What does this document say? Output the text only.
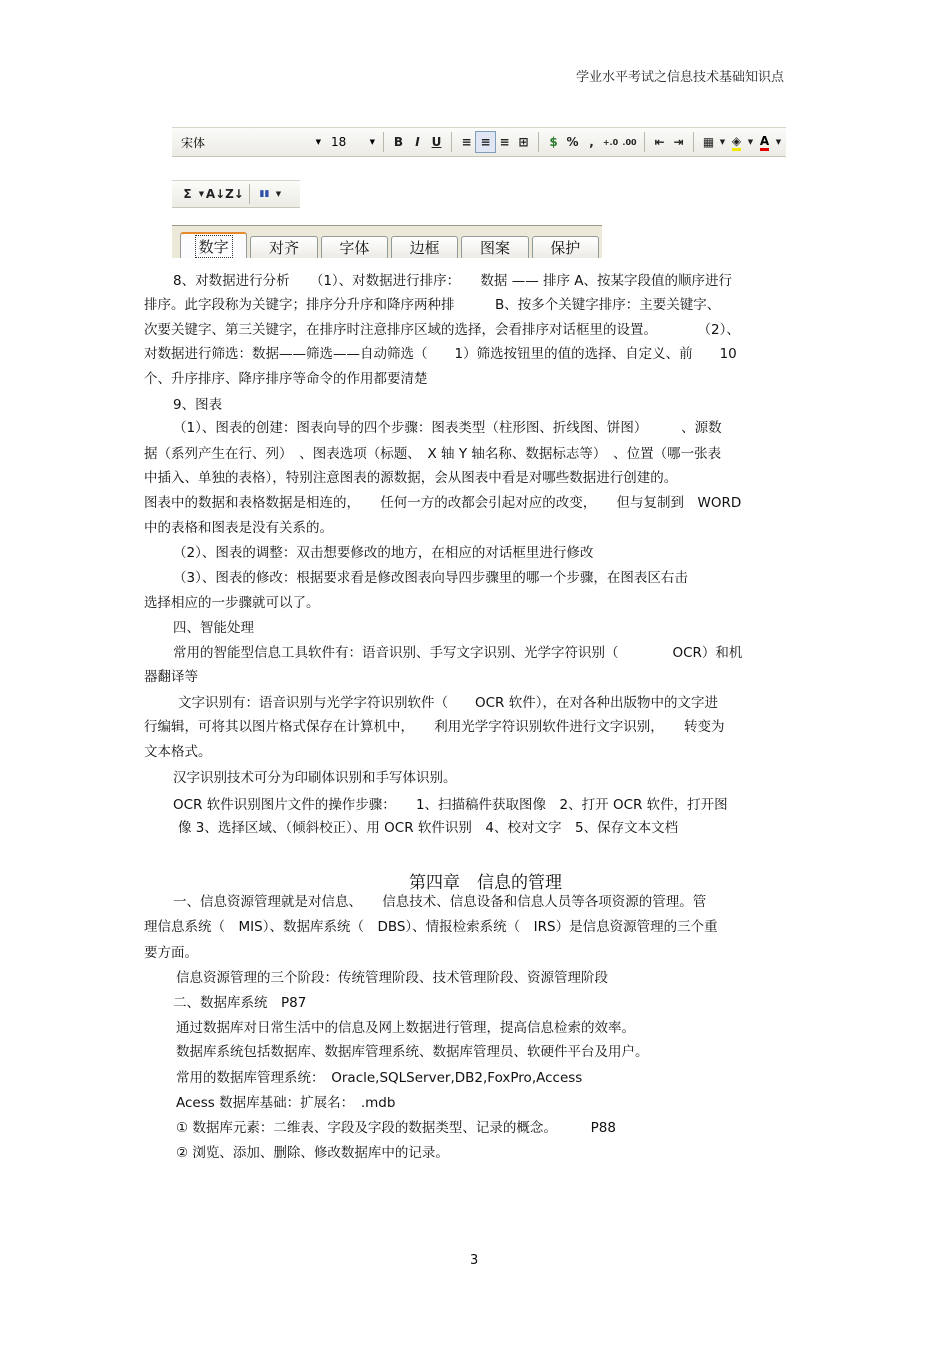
学业水平考试之信息技术基础知识点
宋体	▼ 18	▼ B I U ≡ ≡ ≡ ⊞ $ % , +.0 .00 ⇤ ⇥ ▦ ▼ ◈ ▼ A ▼
Σ ▼ A↓ Z↓ ▮▮ ▼
数字	对齐	字体	边框	图案	保护
第四章　信息的管理
8、对数据进行分析　　（1）、对数据进行排序：　　数据 —— 排序 A、按某字段值的顺序进行
排序。此字段称为关键字；排序分升序和降序两种排　　　B、按多个关键字排序：主要关键字、
次要关键字、第三关键字，在排序时注意排序区域的选择，会看排序对话框里的设置。　　　　（2）、
对数据进行筛选：数据——筛选——自动筛选（　　1）筛选按钮里的值的选择、自定义、前　　10
个、升序排序、降序排序等命令的作用都要清楚
9、图表
（1）、图表的创建：图表向导的四个步骤：图表类型（柱形图、折线图、饼图）　　　、源数
据（系列产生在行、列）　、图表选项（标题、　X 轴 Y 轴名称、数据标志等）　、位置（哪一张表
中插入、单独的表格），特别注意图表的源数据，会从图表中看是对哪些数据进行创建的。
图表中的数据和表格数据是相连的，　　任何一方的改都会引起对应的改变，　　但与复制到　WORD
中的表格和图表是没有关系的。
（2）、图表的调整：双击想要修改的地方，在相应的对话框里进行修改
（3）、图表的修改：根据要求看是修改图表向导四步骤里的哪一个步骤，在图表区右击
选择相应的一步骤就可以了。
四、智能处理
常用的智能型信息工具软件有：语音识别、手写文字识别、光学字符识别（　　　　OCR）和机
器翻译等
文字识别有：语音识别与光学字符识别软件（　　OCR 软件），在对各种出版物中的文字进
行编辑，可将其以图片格式保存在计算机中，　　利用光学字符识别软件进行文字识别，　　转变为
文本格式。
汉字识别技术可分为印刷体识别和手写体识别。
OCR 软件识别图片文件的操作步骤：　　1、扫描稿件获取图像　2、打开 OCR 软件，打开图
像 3、选择区域、（倾斜校正）、用 OCR 软件识别　4、校对文字　5、保存文本文档
一、信息资源管理就是对信息、　　信息技术、信息设备和信息人员等各项资源的管理。管
理信息系统（　MIS）、数据库系统（　DBS）、情报检索系统（　IRS）是信息资源管理的三个重
要方面。
信息资源管理的三个阶段：传统管理阶段、技术管理阶段、资源管理阶段
二、数据库系统　P87
通过数据库对日常生活中的信息及网上数据进行管理，提高信息检索的效率。
数据库系统包括数据库、数据库管理系统、数据库管理员、软硬件平台及用户。
常用的数据库管理系统：　Oracle,SQLServer,DB2,FoxPro,Access
Acess 数据库基础：扩展名：　.mdb
① 数据库元素：二维表、字段及字段的数据类型、记录的概念。　　　P88
② 浏览、添加、删除、修改数据库中的记录。
3
